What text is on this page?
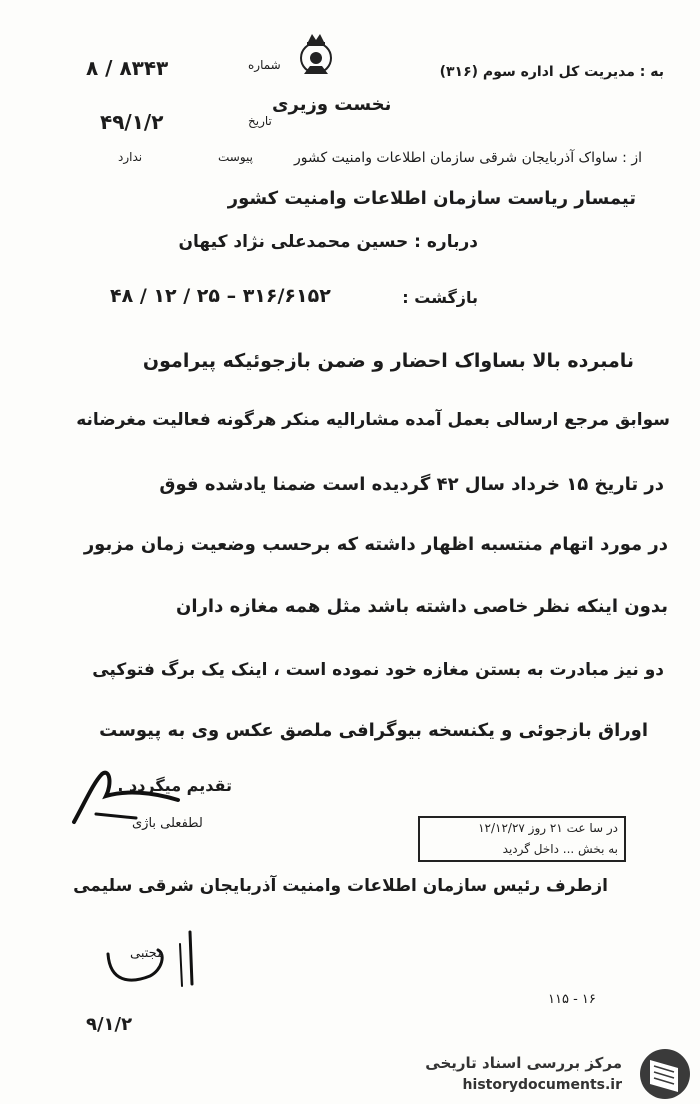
به : مدیریت کل اداره سوم (۳۱۶)
نخست وزیری
شماره
۸ / ۸۳۴۳
تاریخ
۴۹/۱/۲
پیوست
ندارد	از : ساواک آذربایجان شرقی سازمان اطلاعات وامنیت کشور
تیمسار ریاست سازمان اطلاعات وامنیت کشور
درباره : حسین محمدعلی نژاد کیهان
بازگشت :
۳۱۶/۶۱۵۲ – ۲۵ / ۱۲ / ۴۸
نامبرده بالا بساواک احضار و ضمن بازجوئیکه پیرامون
سوابق مرجع ارسالی بعمل آمده مشارالیه منکر هرگونه فعالیت مغرضانه
در تاریخ ۱۵ خرداد سال ۴۲ گردیده است ضمنا یادشده فوق
در مورد اتهام منتسبه اظهار داشته که برحسب وضعیت زمان مزبور
بدون اینکه نظر خاصی داشته باشد مثل همه مغازه داران
دو نیز مبادرت به بستن مغازه خود نموده است ، اینک یک برگ فتوکپی
اوراق بازجوئی و یکنسخه بیوگرافی ملصق عکس وی به پیوست
تقدیم میگردد .
لطفعلی باژی
ازطرف رئیس سازمان اطلاعات وامنیت آذربایجان شرقی سلیمی
در سا عت ۲۱ روز ۱۲/۱۲/۲۷
به بخش ... داخل گردید
مجتبی
۹/۱/۲
۱۱۵ - ۱۶
مرکز بررسی اسناد تاریخی
historydocuments.ir
